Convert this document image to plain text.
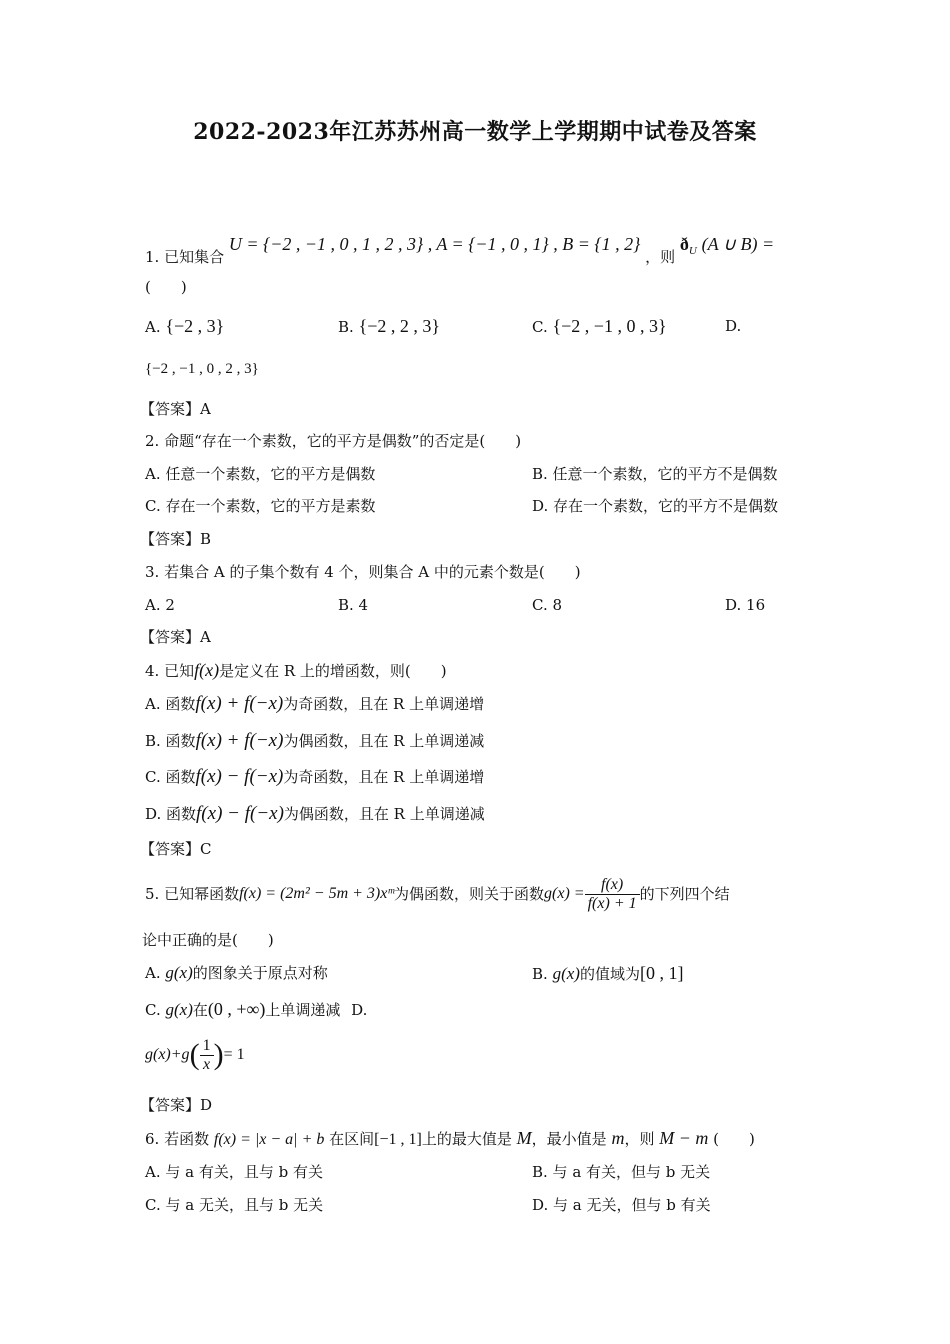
2022-2023年江苏苏州高一数学上学期期中试卷及答案
1. 已知集合 U = {−2 , −1 , 0 , 1 , 2 , 3} , A = {−1 , 0 , 1} , B = {1 , 2} ，则 $ð_U$ (A ∪ B) =
(　　)
A. {−2 , 3}	B. {−2 , 2 , 3}	C. {−2 , −1 , 0 , 3}	D.
{−2 , −1 , 0 , 2 , 3}
【答案】A
2. 命题“存在一个素数，它的平方是偶数”的否定是(　　)
A. 任意一个素数，它的平方是偶数	B. 任意一个素数，它的平方不是偶数
C. 存在一个素数，它的平方是素数	D. 存在一个素数，它的平方不是偶数
【答案】B
3. 若集合 A 的子集个数有 4 个，则集合 A 中的元素个数是(　　)
A. 2	B. 4	C. 8	D. 16
【答案】A
4. 已知f(x)是定义在 R 上的增函数，则(　　)
A. 函数f(x) + f(−x)为奇函数，且在 R 上单调递增
B. 函数f(x) + f(−x)为偶函数，且在 R 上单调递减
C. 函数f(x) − f(−x)为奇函数，且在 R 上单调递增
D. 函数f(x) − f(−x)为偶函数，且在 R 上单调递减
【答案】C
5. 已知幂函数 f(x) = (2m² − 5m + 3)xᵐ 为偶函数，则关于函数 $g(x) = \frac{f(x)}{f(x) + 1}$ 的下列四个结
论中正确的是(　　)
A. g(x)的图象关于原点对称	B. g(x)的值域为[0 , 1]
C. g(x)在(0 , +∞)上单调递减 D.
g(x)+g ( $\frac{1}{x}$ ) = 1
【答案】D
6. 若函数 f(x) = |x − a| + b 在区间[−1 , 1]上的最大值是 M，最小值是 m，则 M − m (　　)
A. 与 a 有关，且与 b 有关	B. 与 a 有关，但与 b 无关
C. 与 a 无关，且与 b 无关	D. 与 a 无关，但与 b 有关
